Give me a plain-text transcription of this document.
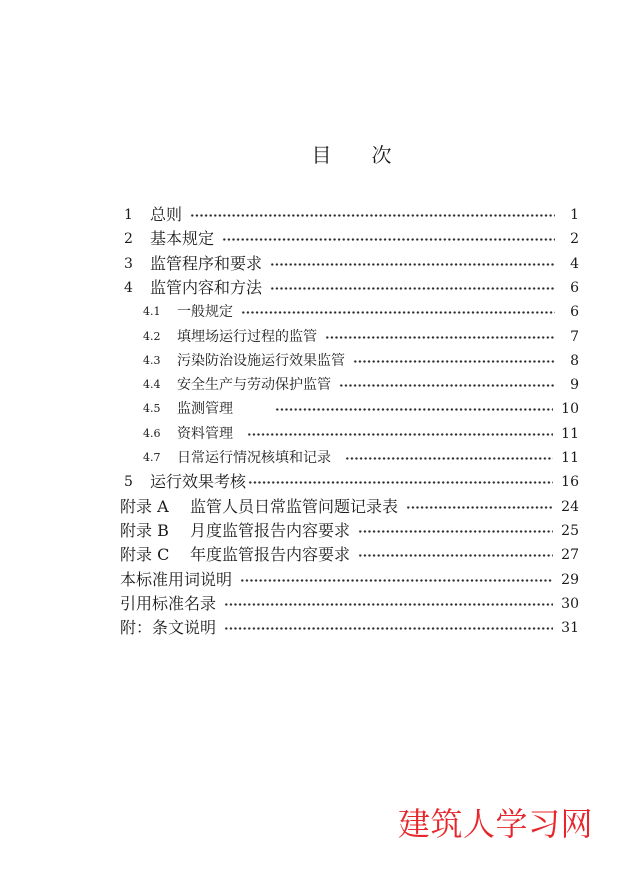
目　　次
1	总则	1
2	基本规定	2
3	监管程序和要求	4
4	监管内容和方法	6
4.1	一般规定	6
4.2	填埋场运行过程的监管	7
4.3	污染防治设施运行效果监管	8
4.4	安全生产与劳动保护监管	9
4.5	监测管理	10
4.6	资料管理	11
4.7	日常运行情况核填和记录	11
5	运行效果考核	16
附录 A	监管人员日常监管问题记录表	24
附录 B	月度监管报告内容要求	25
附录 C	年度监管报告内容要求	27
本标准用词说明	29
引用标准名录	30
附：条文说明	31
建筑人学习网
